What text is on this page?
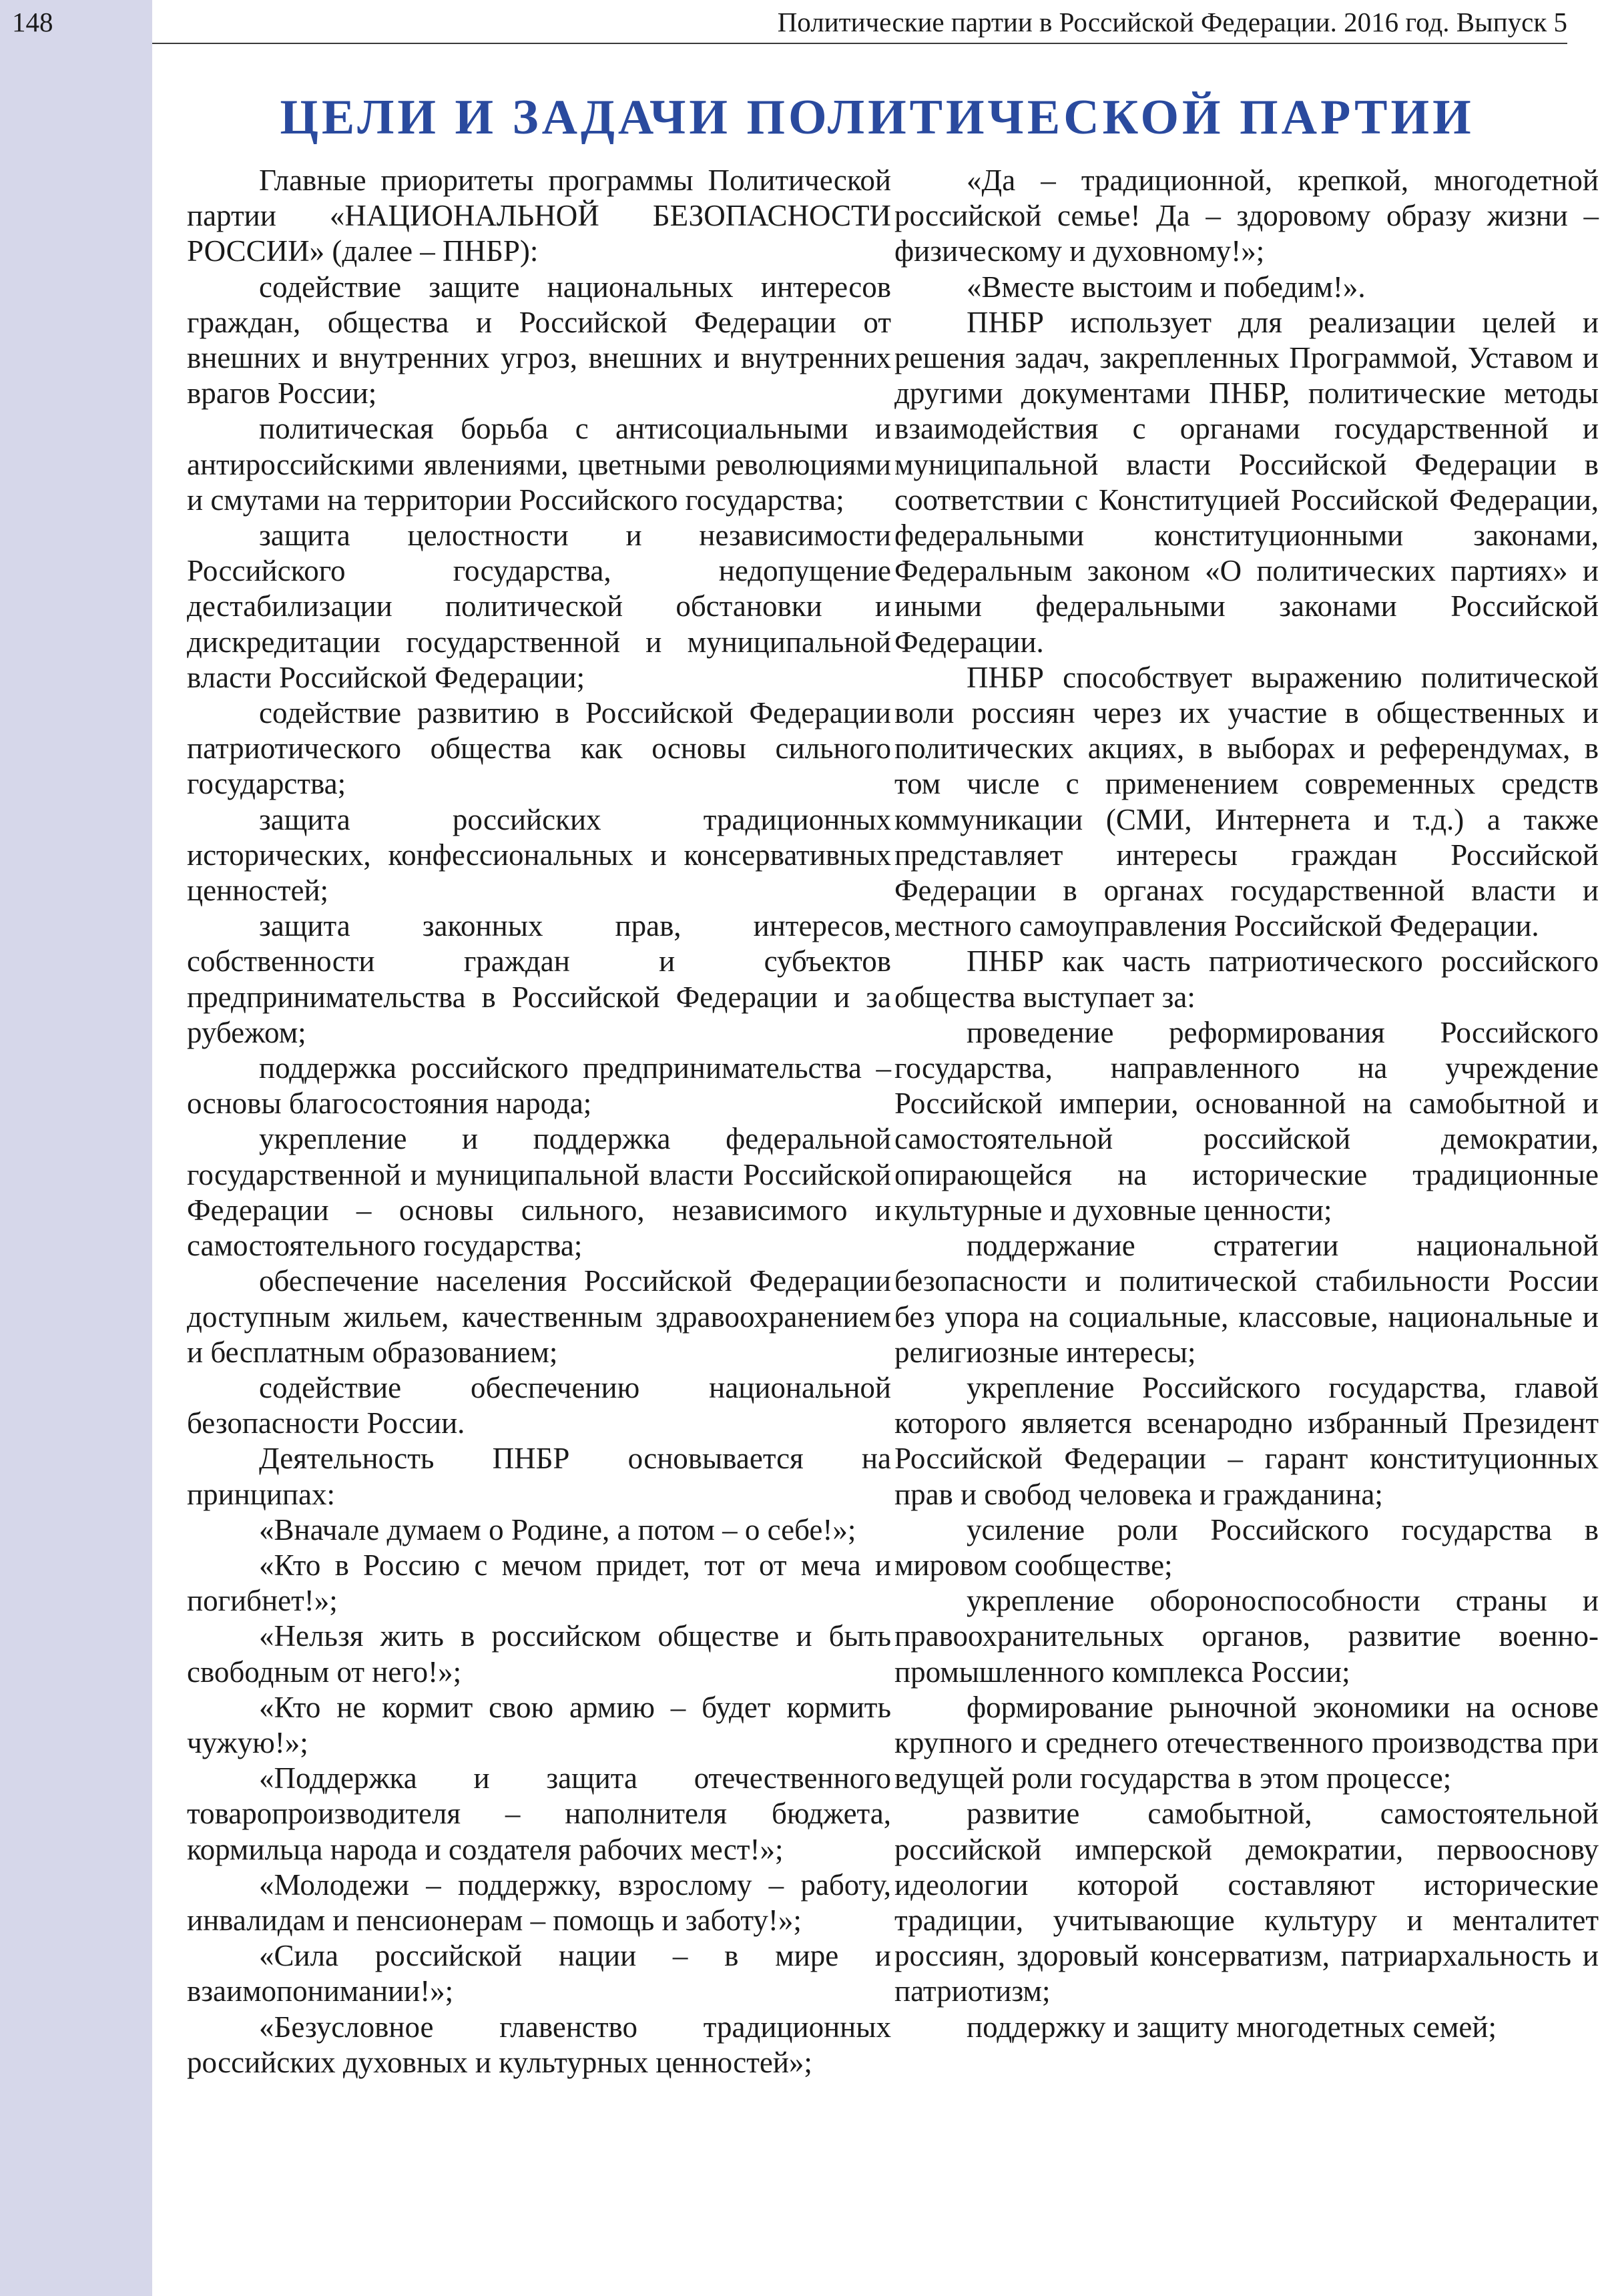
148	Политические партии в Российской Федерации. 2016 год. Выпуск 5
ЦЕЛИ И ЗАДАЧИ ПОЛИТИЧЕСКОЙ ПАРТИИ

Главные приоритеты программы Политической партии «НАЦИОНАЛЬНОЙ БЕЗОПАСНОСТИ РОССИИ» (далее – ПНБР):

содействие защите национальных интересов граждан, общества и Российской Федерации от внешних и внутренних угроз, внешних и внутренних врагов России;

политическая борьба с антисоциальными и антироссийскими явлениями, цветными революциями и смутами на территории Российского государства;

защита целостности и независимости Российского государства, недопущение дестабилизации политической обстановки и дискредитации государственной и муниципальной власти Российской Федерации;

содействие развитию в Российской Федерации патриотического общества как основы сильного государства;

защита российских традиционных исторических, конфессиональных и консервативных ценностей;

защита законных прав, интересов, собственности граждан и субъектов предпринимательства в Российской Федерации и за рубежом;

поддержка российского предпринимательства – основы благосостояния народа;

укрепление и поддержка федеральной государственной и муниципальной власти Российской Федерации – основы сильного, независимого и самостоятельного государства;

обеспечение населения Российской Федерации доступным жильем, качественным здравоохранением и бесплатным образованием;

содействие обеспечению национальной безопасности России.

Деятельность ПНБР основывается на принципах:

«Вначале думаем о Родине, а потом – о себе!»;

«Кто в Россию с мечом придет, тот от меча и погибнет!»;

«Нельзя жить в российском обществе и быть свободным от него!»;

«Кто не кормит свою армию – будет кормить чужую!»;

«Поддержка и защита отечественного товаропроизводителя – наполнителя бюджета, кормильца народа и создателя рабочих мест!»;

«Молодежи – поддержку, взрослому – работу, инвалидам и пенсионерам – помощь и заботу!»;

«Сила российской нации – в мире и взаимопонимании!»;

«Безусловное главенство традиционных российских духовных и культурных ценностей»;

«Да – традиционной, крепкой, многодетной российской семье! Да – здоровому образу жизни – физическому и духовному!»;

«Вместе выстоим и победим!».

ПНБР использует для реализации целей и решения задач, закрепленных Программой, Уставом и другими документами ПНБР, политические методы взаимодействия с органами государственной и муниципальной власти Российской Федерации в соответствии с Конституцией Российской Федерации, федеральными конституционными законами, Федеральным законом «О политических партиях» и иными федеральными законами Российской Федерации.

ПНБР способствует выражению политической воли россиян через их участие в общественных и политических акциях, в выборах и референдумах, в том числе с применением современных средств коммуникации (СМИ, Интернета и т.д.) а также представляет интересы граждан Российской Федерации в органах государственной власти и местного самоуправления Российской Федерации.

ПНБР как часть патриотического российского общества выступает за:

проведение реформирования Российского государства, направленного на учреждение Российской империи, основанной на самобытной и самостоятельной российской демократии, опирающейся на исторические традиционные культурные и духовные ценности;

поддержание стратегии национальной безопасности и политической стабильности России без упора на социальные, классовые, национальные и религиозные интересы;

укрепление Российского государства, главой которого является всенародно избранный Президент Российской Федерации – гарант конституционных прав и свобод человека и гражданина;

усиление роли Российского государства в мировом сообществе;

укрепление обороноспособности страны и правоохранительных органов, развитие военно-промышленного комплекса России;

формирование рыночной экономики на основе крупного и среднего отечественного производства при ведущей роли государства в этом процессе;

развитие самобытной, самостоятельной российской имперской демократии, первооснову идеологии которой составляют исторические традиции, учитывающие культуру и менталитет россиян, здоровый консерватизм, патриархальность и патриотизм;

поддержку и защиту многодетных семей;
